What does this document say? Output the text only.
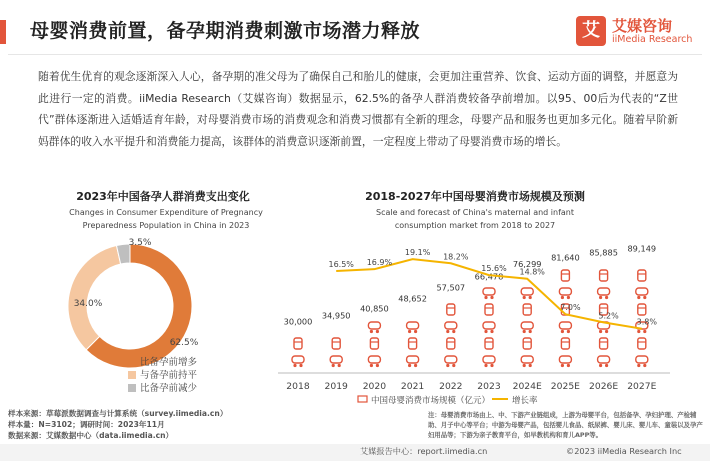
母婴消费前置，备孕期消费刺激市场潜力释放	艾 艾媒咨询
iiMedia Research
随着优生优育的观念逐渐深入人心，备孕期的准父母为了确保自己和胎儿的健康，会更加注重营养、饮食、运动方面的调整，并愿意为此进行一定的消费。iiMedia Research（艾媒咨询）数据显示，62.5%的备孕人群消费较备孕前增加。以95、00后为代表的“Z世代”群体逐渐进入适婚适育年龄，对母婴消费市场的消费观念和消费习惯都有全新的理念，母婴产品和服务也更加多元化。随着早阶新妈群体的收入水平提升和消费能力提高，该群体的消费意识逐渐前置，一定程度上带动了母婴消费市场的增长。
2023年中国备孕人群消费支出变化
Changes in Consumer Expenditure of Pregnancy Preparedness Population in China in 2023
62.5%
34.0%
3.5%
比备孕前增多
与备孕前持平
比备孕前减少
2018-2027年中国母婴消费市场规模及预测
Scale and forecast of China's maternal and infant consumption market from 2018 to 2027
30,000
2018
34,950
2019
40,850
2020
48,652
2021
57,507
2022
66,478
2023
76,299
2024E
81,640
2025E
85,885
2026E
89,149
2027E
16.5% 16.9%
19.1% 18.2%
15.6% 14.8%
7.0%
5.2%
3.8%
中国母婴消费市场规模（亿元）	增长率
样本来源：草莓派数据调查与计算系统（survey.iimedia.cn）
样本量：N=3102；调研时间：2023年11月
数据来源：艾媒数据中心（data.iimedia.cn）
注：母婴消费市场由上、中、下游产业链组成，上游为母婴平台，包括备孕、孕妇护理、产检辅助、月子中心等平台；中游为母婴产品，包括婴儿食品、纸尿裤、婴儿床、婴儿车、童装以及孕产妇用品等；下游为亲子教育平台，如早教机构和育儿APP等。
艾媒报告中心：report.iimedia.cn	©2023 iiMedia Research Inc
